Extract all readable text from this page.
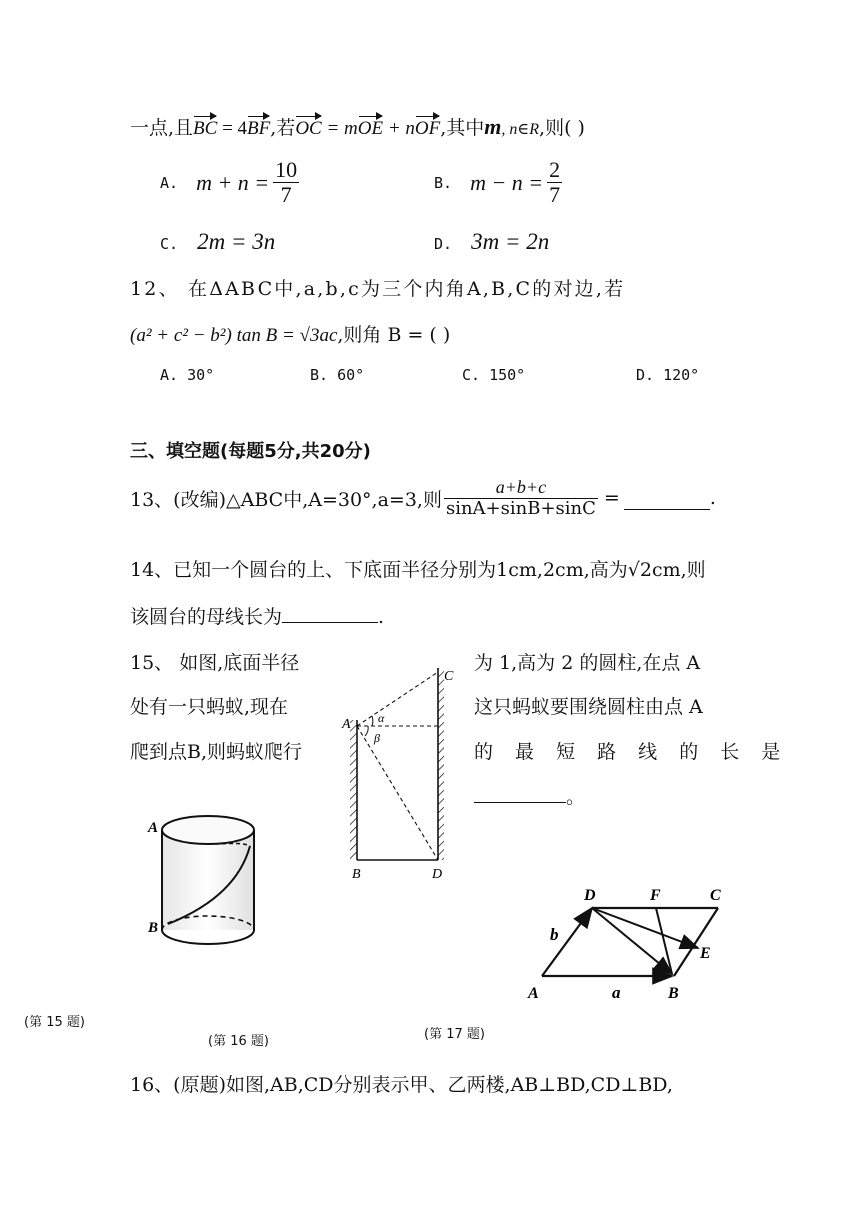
一点,且BC = 4BF,若OC = mOE + nOF,其中m, n∈R,则( )
A. $m + n = \frac{10}{7}$	B. $m - n = \frac{2}{7}$
C. 2m = 3n	D. 3m = 2n
12、 在ΔABC中,a,b,c为三个内角A,B,C的对边,若
(a² + c² − b²) tan B = √3ac,则角 B = ( )
A. 30°	B. 60°	C. 150°	D. 120°
三、填空题(每题5分,共20分)
13、(改编)△ABC中,A=30°,a=3,则 $\frac{a+b+c}{\sin A+\sin B+\sin C}$ =	.
14、已知一个圆台的上、下底面半径分别为1cm,2cm,高为√2cm,则
该圆台的母线长为	.
15、 如图,底面半径
处有一只蚂蚁,现在
爬到点B,则蚂蚁爬行
为 1,高为 2 的圆柱,在点 A
这只蚂蚁要围绕圆柱由点 A
的 最 短 路 线 的 长 是
。
A
B
A
B
C
D
α
β
A	B
C
D
E
F
a
b
(第 15 题)
(第 16 题)	(第 17 题)
16、(原题)如图,AB,CD分别表示甲、乙两楼,AB⊥BD,CD⊥BD,
